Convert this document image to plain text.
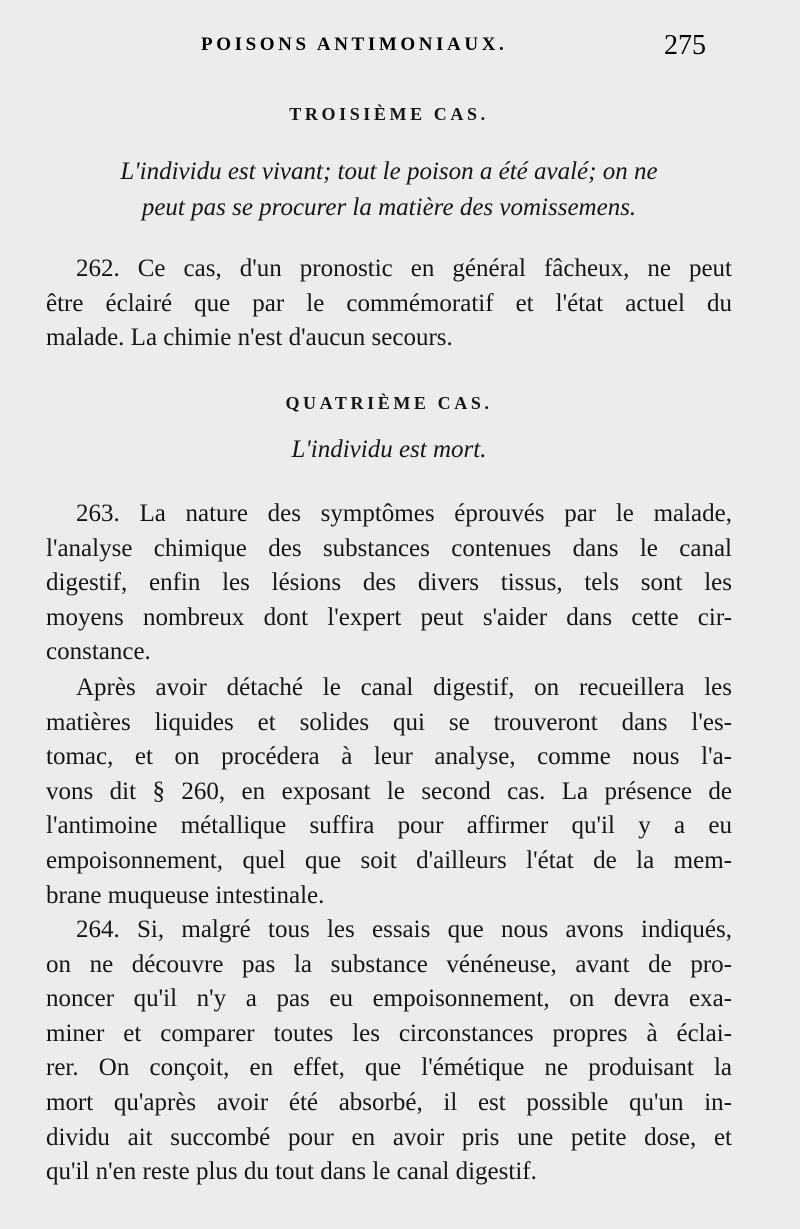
POISONS ANTIMONIAUX.	275
TROISIÈME CAS.
L'individu est vivant; tout le poison a été avalé; on ne
peut pas se procurer la matière des vomissemens.
262. Ce cas, d'un pronostic en général fâcheux, ne peut
être éclairé que par le commémoratif et l'état actuel du
malade. La chimie n'est d'aucun secours.
QUATRIÈME CAS.
L'individu est mort.
263. La nature des symptômes éprouvés par le malade,
l'analyse chimique des substances contenues dans le canal
digestif, enfin les lésions des divers tissus, tels sont les
moyens nombreux dont l'expert peut s'aider dans cette cir-
constance.
Après avoir détaché le canal digestif, on recueillera les
matières liquides et solides qui se trouveront dans l'es-
tomac, et on procédera à leur analyse, comme nous l'a-
vons dit § 260, en exposant le second cas. La présence de
l'antimoine métallique suffira pour affirmer qu'il y a eu
empoisonnement, quel que soit d'ailleurs l'état de la mem-
brane muqueuse intestinale.
264. Si, malgré tous les essais que nous avons indiqués,
on ne découvre pas la substance vénéneuse, avant de pro-
noncer qu'il n'y a pas eu empoisonnement, on devra exa-
miner et comparer toutes les circonstances propres à éclai-
rer. On conçoit, en effet, que l'émétique ne produisant la
mort qu'après avoir été absorbé, il est possible qu'un in-
dividu ait succombé pour en avoir pris une petite dose, et
qu'il n'en reste plus du tout dans le canal digestif.
